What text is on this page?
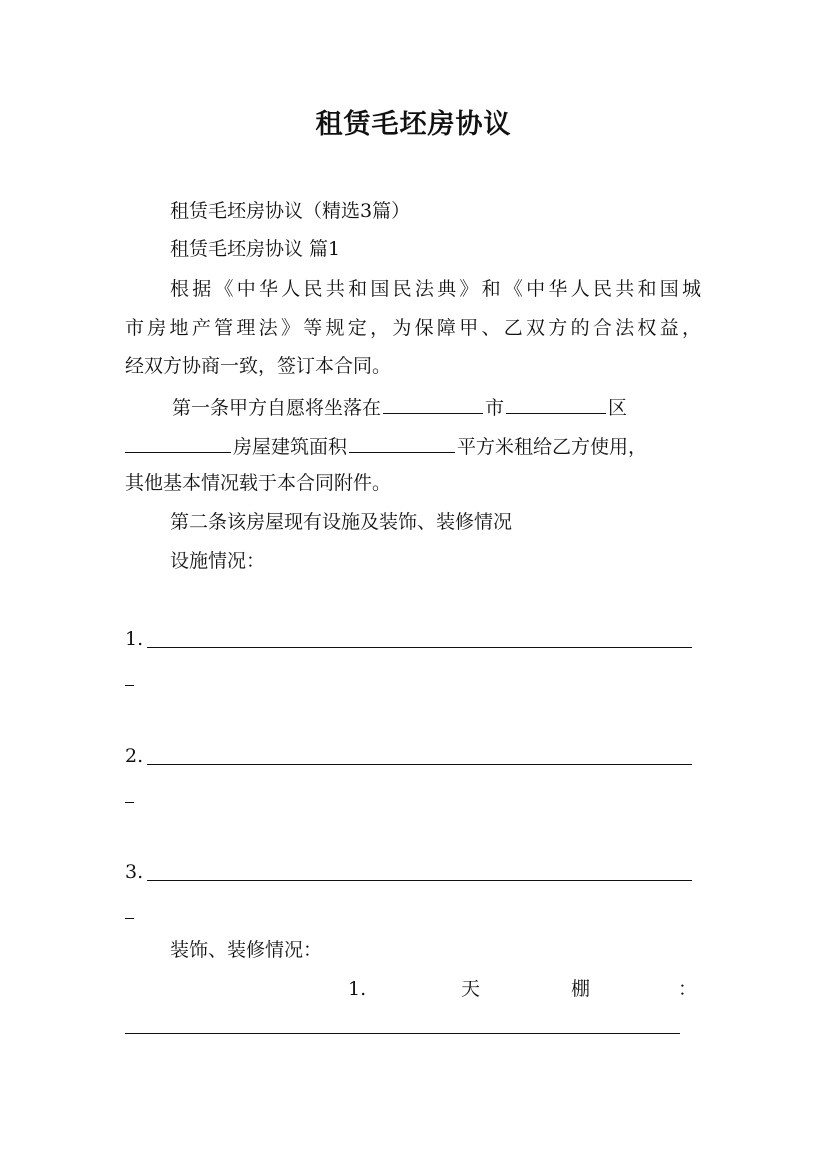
租赁毛坯房协议
租赁毛坯房协议（精选3篇）
租赁毛坯房协议 篇1
根据《中华人民共和国民法典》和《中华人民共和国城
市房地产管理法》等规定，为保障甲、乙双方的合法权益，
经双方协商一致，签订本合同。
第一条甲方自愿将坐落在	市	区
房屋建筑面积	平方米租给乙方使用，
其他基本情况载于本合同附件。
第二条该房屋现有设施及装饰、装修情况
设施情况：
1.
2.
3.
装饰、装修情况：
1.	天	棚	：
